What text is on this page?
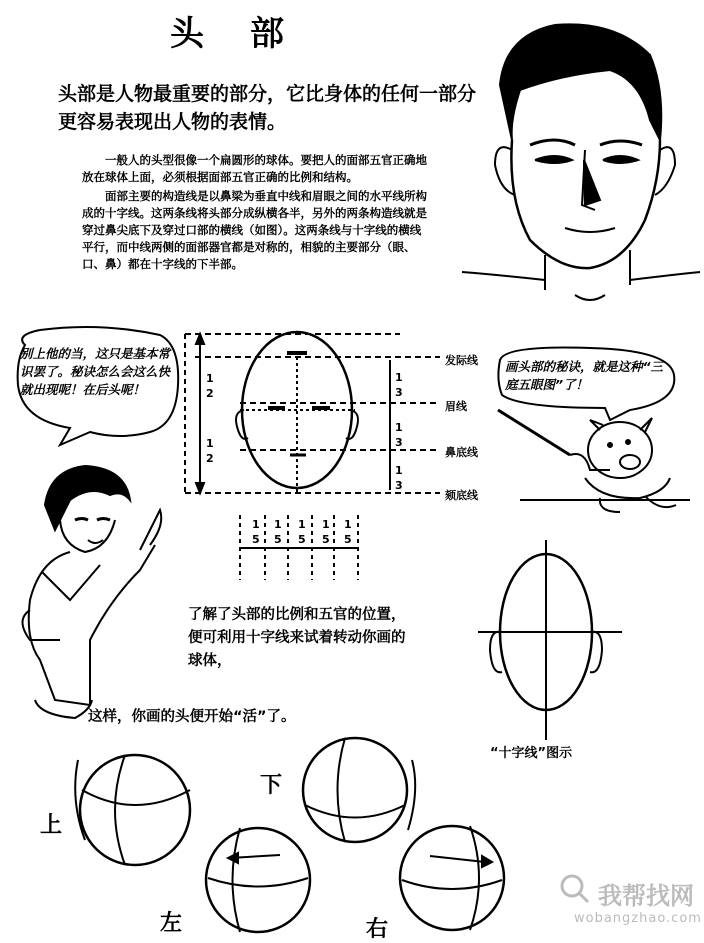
头　部
头部是人物最重要的部分，它比身体的任何一部分更容易表现出人物的表情。

一般人的头型很像一个扁圆形的球体。要把人的面部五官正确地放在球体上面，必须根据面部五官正确的比例和结构。

面部主要的构造线是以鼻梁为垂直中线和眉眼之间的水平线所构成的十字线。这两条线将头部分成纵横各半，另外的两条构造线就是穿过鼻尖底下及穿过口部的横线（如图）。这两条线与十字线的横线平行，而中线两侧的面部器官都是对称的，相貌的主要部分（眼、口、鼻）都在十字线的下半部。

别上他的当，这只是基本常识罢了。秘诀怎么会这么快就出现呢！在后头呢！
画头部的秘诀，就是这种“三庭五眼图”了！
1
2
1
2
1
3
1
3
1
3
1
5
1
5
1
5
1
5
1
5
发际线
眉线
鼻底线
颏底线
了解了头部的比例和五官的位置，便可利用十字线来试着转动你画的球体，
这样，你画的头便开始“活”了。
“十字线”图示
上
下
左	右
我帮找网
wobangzhao.com
